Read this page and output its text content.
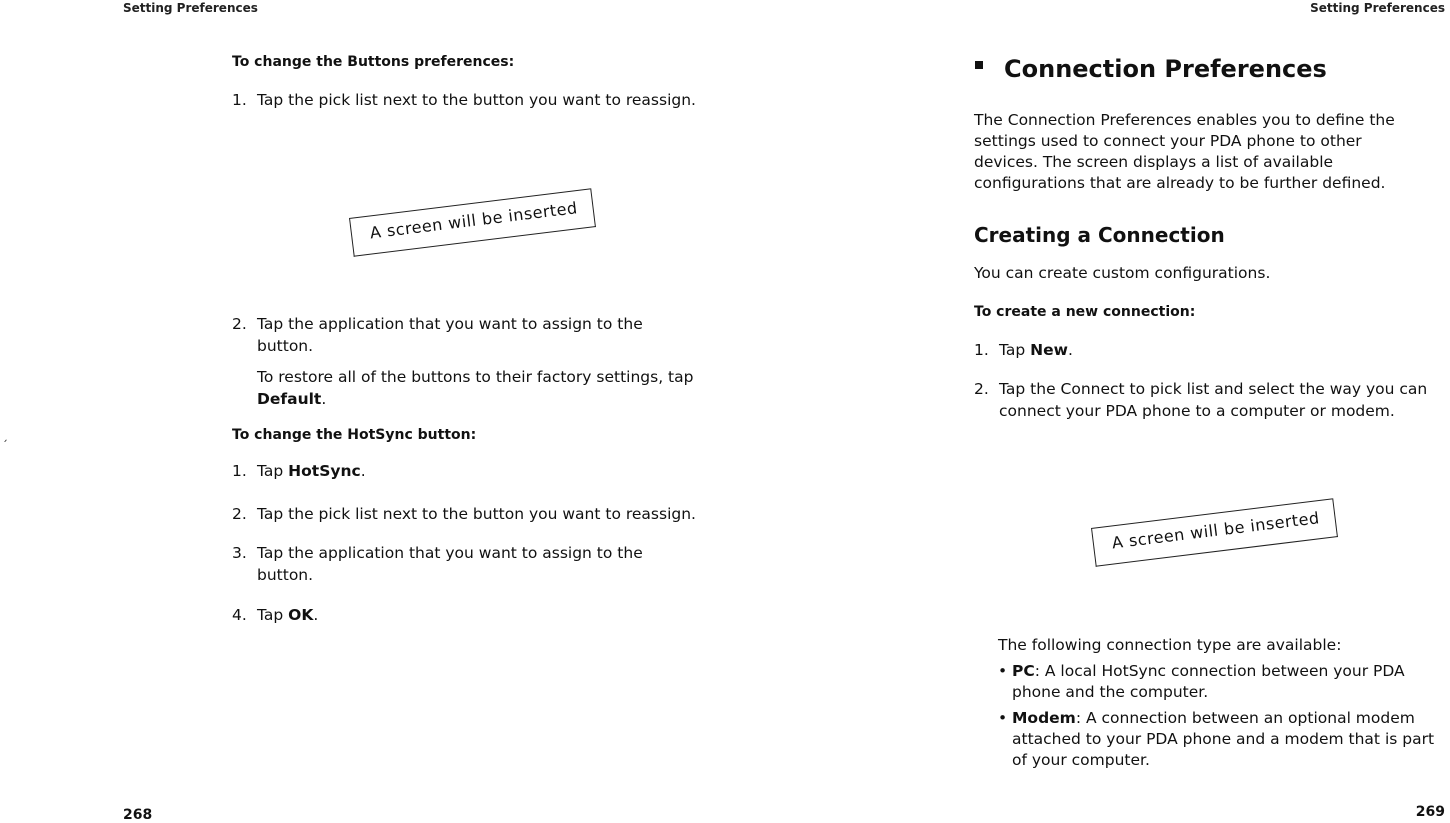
Setting Preferences
To change the Buttons preferences:
1. Tap the pick list next to the button you want to reassign.
A screen will be inserted
2. Tap the application that you want to assign to the
button.
To restore all of the buttons to their factory settings, tap
Default.
To change the HotSync button:
1. Tap HotSync.
2. Tap the pick list next to the button you want to reassign.
3. Tap the application that you want to assign to the
button.
4. Tap OK.
ˏ
268
Setting Preferences
Connection Preferences
The Connection Preferences enables you to define the
settings used to connect your PDA phone to other
devices. The screen displays a list of available
configurations that are already to be further defined.
Creating a Connection
You can create custom configurations.
To create a new connection:
1. Tap New.
2. Tap the Connect to pick list and select the way you can
connect your PDA phone to a computer or modem.
A screen will be inserted
The following connection type are available:
• PC: A local HotSync connection between your PDA
phone and the computer.
• Modem: A connection between an optional modem
attached to your PDA phone and a modem that is part
of your computer.
269
